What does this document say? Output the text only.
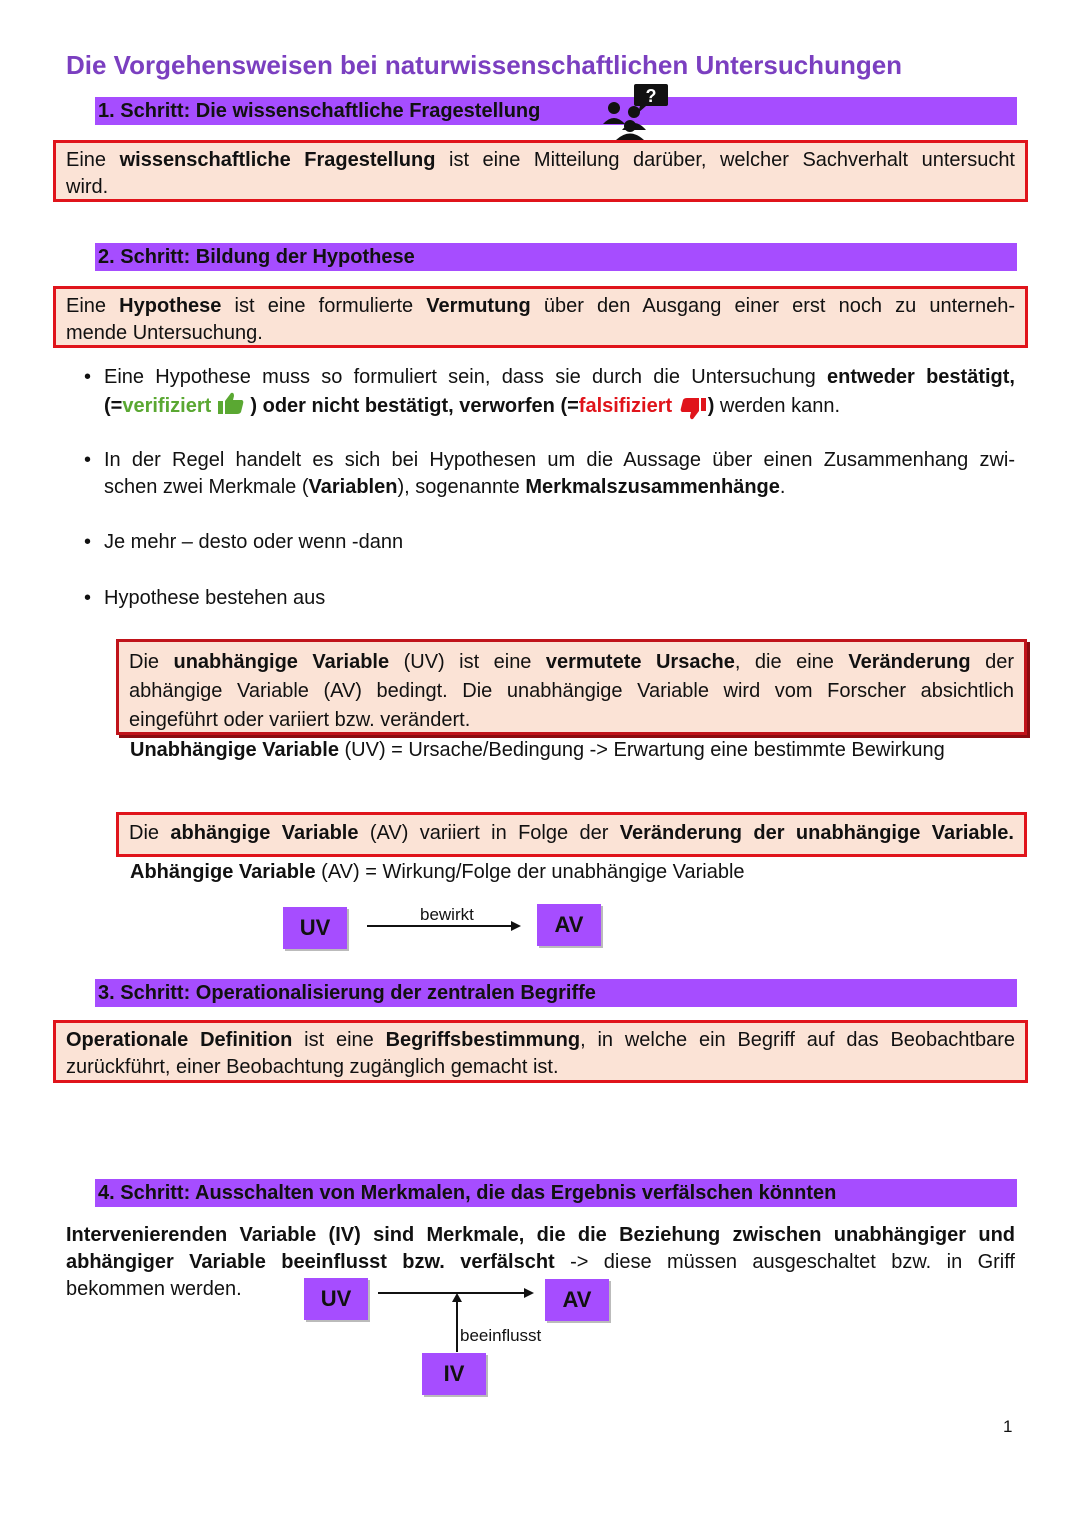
Die Vorgehensweisen bei naturwissenschaftlichen Untersuchungen
1. Schritt: Die wissenschaftliche Fragestellung
?
Eine wissenschaftliche Fragestellung ist eine Mitteilung darüber, welcher Sachverhalt untersucht
wird.
2. Schritt: Bildung der Hypothese
Eine Hypothese ist eine formulierte Vermutung über den Ausgang einer erst noch zu unterneh-
mende Untersuchung.
• Eine Hypothese muss so formuliert sein, dass sie durch die Untersuchung entweder bestätigt,
(=verifiziert  ) oder nicht bestätigt, verworfen (=falsifiziert ) werden kann.
• In der Regel handelt es sich bei Hypothesen um die Aussage über einen Zusammenhang zwi-
schen zwei Merkmale (Variablen), sogenannte Merkmalszusammenhänge.
• Je mehr – desto oder wenn -dann
• Hypothese bestehen aus
Die unabhängige Variable (UV) ist eine vermutete Ursache, die eine Veränderung der
abhängige Variable (AV) bedingt. Die unabhängige Variable wird vom Forscher absichtlich
eingeführt oder variiert bzw. verändert.
Unabhängige Variable (UV) = Ursache/Bedingung -> Erwartung eine bestimmte Bewirkung
Die abhängige Variable (AV) variiert in Folge der Veränderung der unabhängige Variable.
Abhängige Variable (AV) = Wirkung/Folge der unabhängige Variable
UV
bewirkt	AV
3. Schritt: Operationalisierung der zentralen Begriffe
Operationale Definition ist eine Begriffsbestimmung, in welche ein Begriff auf das Beobachtbare
zurückführt, einer Beobachtung zugänglich gemacht ist.
4. Schritt: Ausschalten von Merkmalen, die das Ergebnis verfälschen könnten
Intervenierenden Variable (IV) sind Merkmale, die die Beziehung zwischen unabhängiger und
abhängiger Variable beeinflusst bzw. verfälscht -> diese müssen ausgeschaltet bzw. in Griff
bekommen werden.	UV	AV
beeinflusst
IV
1
